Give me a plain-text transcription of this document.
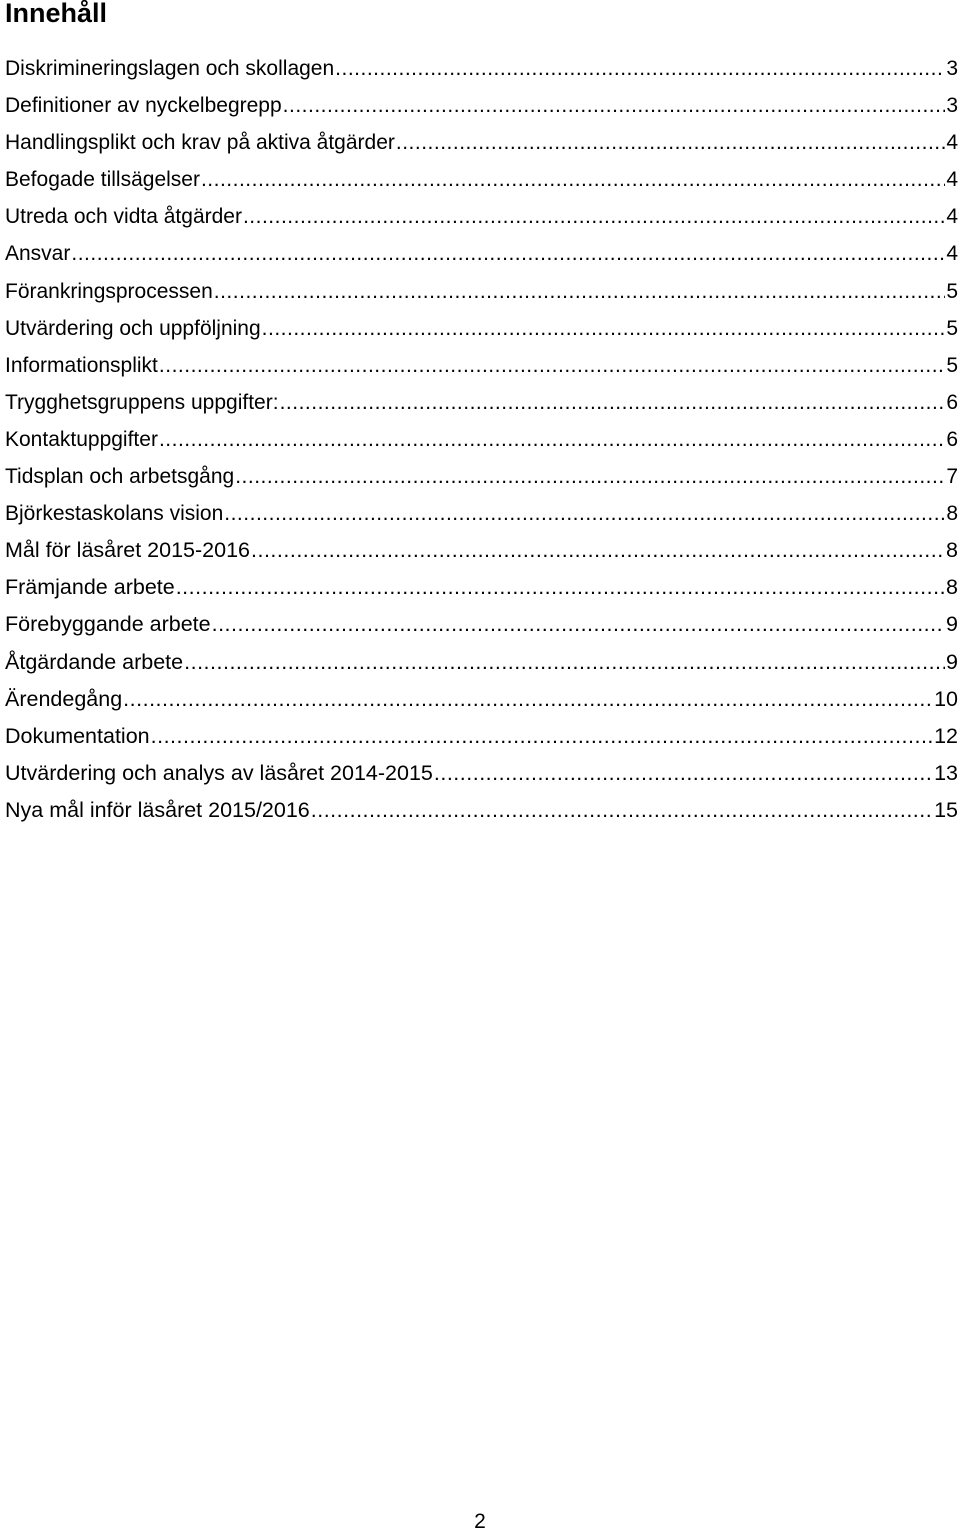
Innehåll
Diskrimineringslagen och skollagen .....	3
Definitioner av nyckelbegrepp .....	3
Handlingsplikt och krav på aktiva åtgärder .....	4
Befogade tillsägelser .....	4
Utreda och vidta åtgärder .....	4
Ansvar .....	4
Förankringsprocessen .....	5
Utvärdering och uppföljning .....	5
Informationsplikt .....	5
Trygghetsgruppens uppgifter: .....	6
Kontaktuppgifter .....	6
Tidsplan och arbetsgång .....	7
Björkestaskolans vision .....	8
Mål för läsåret 2015-2016 .....	8
Främjande arbete .....	8
Förebyggande arbete .....	9
Åtgärdande arbete .....	9
Ärendegång .....	10
Dokumentation .....	12
Utvärdering och analys av läsåret 2014-2015 .....	13
Nya mål inför läsåret 2015/2016 .....	15
2
